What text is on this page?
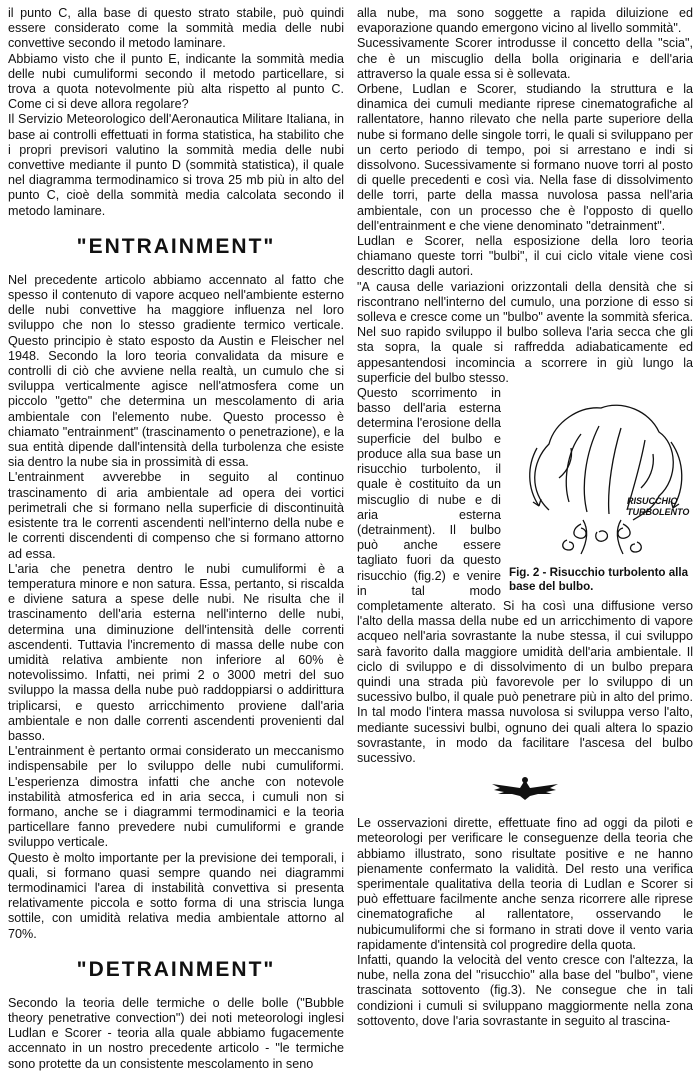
il punto C, alla base di questo strato stabile, può quindi essere considerato come la sommità media delle nubi convettive secondo il metodo laminare.

Abbiamo visto che il punto E, indicante la sommità media delle nubi cumuliformi secondo il metodo particellare, si trova a quota notevolmente più alta rispetto al punto C. Come ci si deve allora regolare?

Il Servizio Meteorologico dell'Aeronautica Militare Italiana, in base ai controlli effettuati in forma statistica, ha stabilito che i propri previsori valutino la sommità media delle nubi convettive mediante il punto D (sommità statistica), il quale nel diagramma termodinamico si trova 25 mb più in alto del punto C, cioè della sommità media calcolata secondo il metodo laminare.

"ENTRAINMENT"

Nel precedente articolo abbiamo accennato al fatto che spesso il contenuto di vapore acqueo nell'ambiente esterno delle nubi convettive ha maggiore influenza nel loro sviluppo che non lo stesso gradiente termico verticale. Questo principio è stato esposto da Austin e Fleischer nel 1948. Secondo la loro teoria convalidata da misure e controlli di ciò che avviene nella realtà, un cumulo che si sviluppa verticalmente agisce nell'atmosfera come un piccolo "getto" che determina un mescolamento di aria ambientale con l'elemento nube. Questo processo è chiamato "entrainment" (trascinamento o penetrazione), e la sua entità dipende dall'intensità della turbolenza che esiste sia dentro la nube sia in prossimità di essa.

L'entrainment avverebbe in seguito al continuo trascinamento di aria ambientale ad opera dei vortici perimetrali che si formano nella superficie di discontinuità esistente tra le correnti ascendenti nell'interno della nube e le correnti discendenti di compenso che si formano attorno ad essa.

L'aria che penetra dentro le nubi cumuliformi è a temperatura minore e non satura. Essa, pertanto, si riscalda e diviene satura a spese delle nubi. Ne risulta che il trascinamento dell'aria esterna nell'interno delle nubi, determina una diminuzione dell'intensità delle correnti ascendenti. Tuttavia l'incremento di massa delle nube con umidità relativa ambiente non inferiore al 60% è notevolissimo. Infatti, nei primi 2 o 3000 metri del suo sviluppo la massa della nube può raddoppiarsi o addirittura triplicarsi, e questo arricchimento proviene dall'aria ambientale e non dalle correnti ascendenti provenienti dal basso.

L'entrainment è pertanto ormai considerato un meccanismo indispensabile per lo sviluppo delle nubi cumuliformi. L'esperienza dimostra infatti che anche con notevole instabilità atmosferica ed in aria secca, i cumuli non si formano, anche se i diagrammi termodinamici e la teoria particellare fanno prevedere nubi cumuliformi e grande sviluppo verticale.

Questo è molto importante per la previsione dei temporali, i quali, si formano quasi sempre quando nei diagrammi termodinamici l'area di instabilità convettiva si presenta relativamente piccola e sotto forma di una striscia lunga sottile, con umidità relativa media ambientale attorno al 70%.

"DETRAINMENT"

Secondo la teoria delle termiche o delle bolle ("Bubble theory penetrative convection") dei noti meteorologi inglesi Ludlan e Scorer - teoria alla quale abbiamo fugacemente accennato in un nostro precedente articolo - "le termiche sono protette da un consistente mescolamento in seno

alla nube, ma sono soggette a rapida diluizione ed evaporazione quando emergono vicino al livello sommità".

Sucessivamente Scorer introdusse il concetto della "scia", che è un miscuglio della bolla originaria e dell'aria attraverso la quale essa si è sollevata.

Orbene, Ludlan e Scorer, studiando la struttura e la dinamica dei cumuli mediante riprese cinematografiche al rallentatore, hanno rilevato che nella parte superiore della nube si formano delle singole torri, le quali si sviluppano per un certo periodo di tempo, poi si arrestano e indi si dissolvono. Sucessivamente si formano nuove torri al posto di quelle precedenti e così via. Nella fase di dissolvimento delle torri, parte della massa nuvolosa passa nell'aria ambientale, con un processo che è l'opposto di quello dell'entrainment e che viene denominato "detrainment".

Ludlan e Scorer, nella esposizione della loro teoria chiamano queste torri "bulbi", il cui ciclo vitale viene così descritto dagli autori.

"A causa delle variazioni orizzontali della densità che si riscontrano nell'interno del cumulo, una porzione di esso si solleva e cresce come un "bulbo" avente la sommità sferica. Nel suo rapido sviluppo il bulbo solleva l'aria secca che gli sta sopra, la quale si raffredda adiabaticamente ed appesantendosi incomincia a scorrere in giù lungo la superficie del bulbo stesso.

RISUCCHIO
TURBOLENTO
Fig. 2 - Risucchio turbolento alla base del bulbo.

Questo scorrimento in basso dell'aria esterna determina l'erosione della superficie del bulbo e produce alla sua base un risucchio turbolento, il quale è costituito da un miscuglio di nube e di aria esterna (detrainment). Il bulbo può anche essere tagliato fuori da questo risucchio (fig.2) e venire in tal modo completamente alterato. Si ha così una diffusione verso l'alto della massa della nube ed un arricchimento di vapore acqueo nell'aria sovrastante la nube stessa, il cui sviluppo sarà favorito dalla maggiore umidità dell'aria ambientale. Il ciclo di sviluppo e di dissolvimento di un bulbo prepara quindi una strada più favorevole per lo sviluppo di un sucessivo bulbo, il quale può penetrare più in alto del primo. In tal modo l'intera massa nuvolosa si sviluppa verso l'alto, mediante sucessivi bulbi, ognuno dei quali altera lo spazio sovrastante, in modo da facilitare l'ascesa del bulbo sucessivo.

Le osservazioni dirette, effettuate fino ad oggi da piloti e meteorologi per verificare le conseguenze della teoria che abbiamo illustrato, sono risultate positive e ne hanno pienamente confermato la validità. Del resto una verifica sperimentale qualitativa della teoria di Ludlan e Scorer si può effettuare facilmente anche senza ricorrere alle riprese cinematografiche al rallentatore, osservando le nubicumuliformi che si formano in strati dove il vento varia rapidamente d'intensità col progredire della quota.

Infatti, quando la velocità del vento cresce con l'altezza, la nube, nella zona del "risucchio" alla base del "bulbo", viene trascinata sottovento (fig.3). Ne consegue che in tali condizioni i cumuli si sviluppano maggiormente nella zona sottovento, dove l'aria sovrastante in seguito al trascina-
